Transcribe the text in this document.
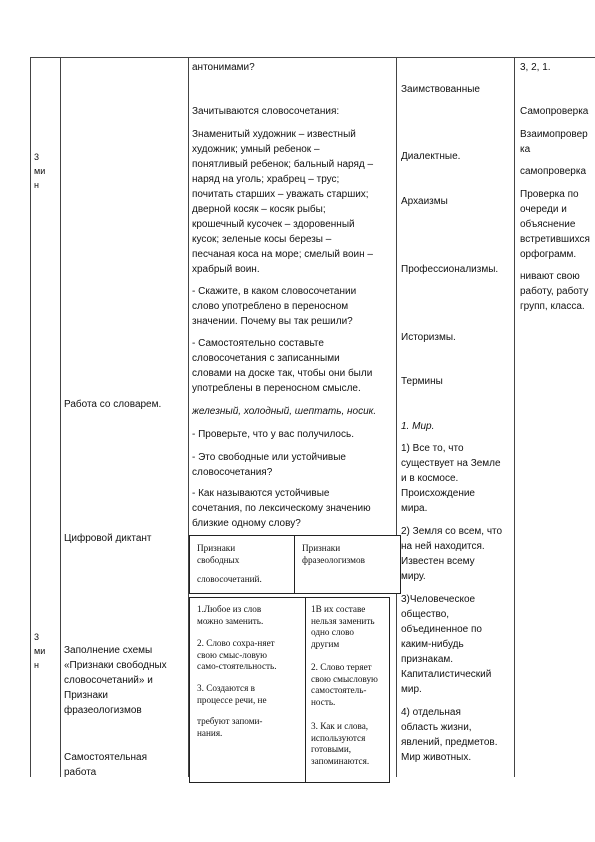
3
ми
н
3
ми
н
Работа со словарем.
Цифровой диктант
Заполнение схемы «Признаки свободных словосочетаний» и Признаки фразеологизмов
Самостоятельная
работа
антонимами?
Зачитываются словосочетания:
Знаменитый художник – известный
художник; умный ребенок –
понятливый ребенок; бальный наряд –
наряд на уголь; храбрец – трус;
почитать старших – уважать старших;
дверной косяк – косяк рыбы;
крошечный кусочек – здоровенный
кусок; зеленые косы березы –
песчаная коса на море; смелый воин –
храбрый воин.
- Скажите, в каком словосочетании
слово употреблено в переносном
значении. Почему вы так решили?
- Самостоятельно составьте
словосочетания с записанными
словами на доске так, чтобы они были
употреблены в переносном смысле.
железный, холодный, шептать, носик.
- Проверьте, что у вас получилось.
- Это свободные или устойчивые
словосочетания?
- Как называются устойчивые
сочетания, по лексическому значению
близкие одному слову?
Признаки
свободных
словосочетаний.
Признаки
фразеологизмов
1.Любое из слов
можно заменить.
2. Слово сохра-няет
свою смыс-ловую
само-стоятельность.
3. Создаются в
процессе речи, не
требуют запоми-
нания.
1В их составе
нельзя заменить
одно слово
другим
2. Слово теряет
свою смысловую
самостоятель-
ность.
3. Как и слова,
используются
готовыми,
запоминаются.
Заимствованные
Диалектные.
Архаизмы
Профессионализмы.
Историзмы.
Термины
1. Мир.
1) Все то, что
существует на Земле
и в космосе.
Происхождение
мира.
2) Земля со всем, что
на ней находится.
Известен всему
миру.
3)Человеческое
общество,
объединенное по
каким-нибудь
признакам.
Капиталистический
мир.
4) отдельная
область жизни,
явлений, предметов.
Мир животных.
3, 2, 1.
Самопроверка
Взаимопровер
ка
самопроверка
Проверка по
очереди и
объяснение
встретившихся
орфограмм.
нивают свою
работу, работу
групп, класса.
